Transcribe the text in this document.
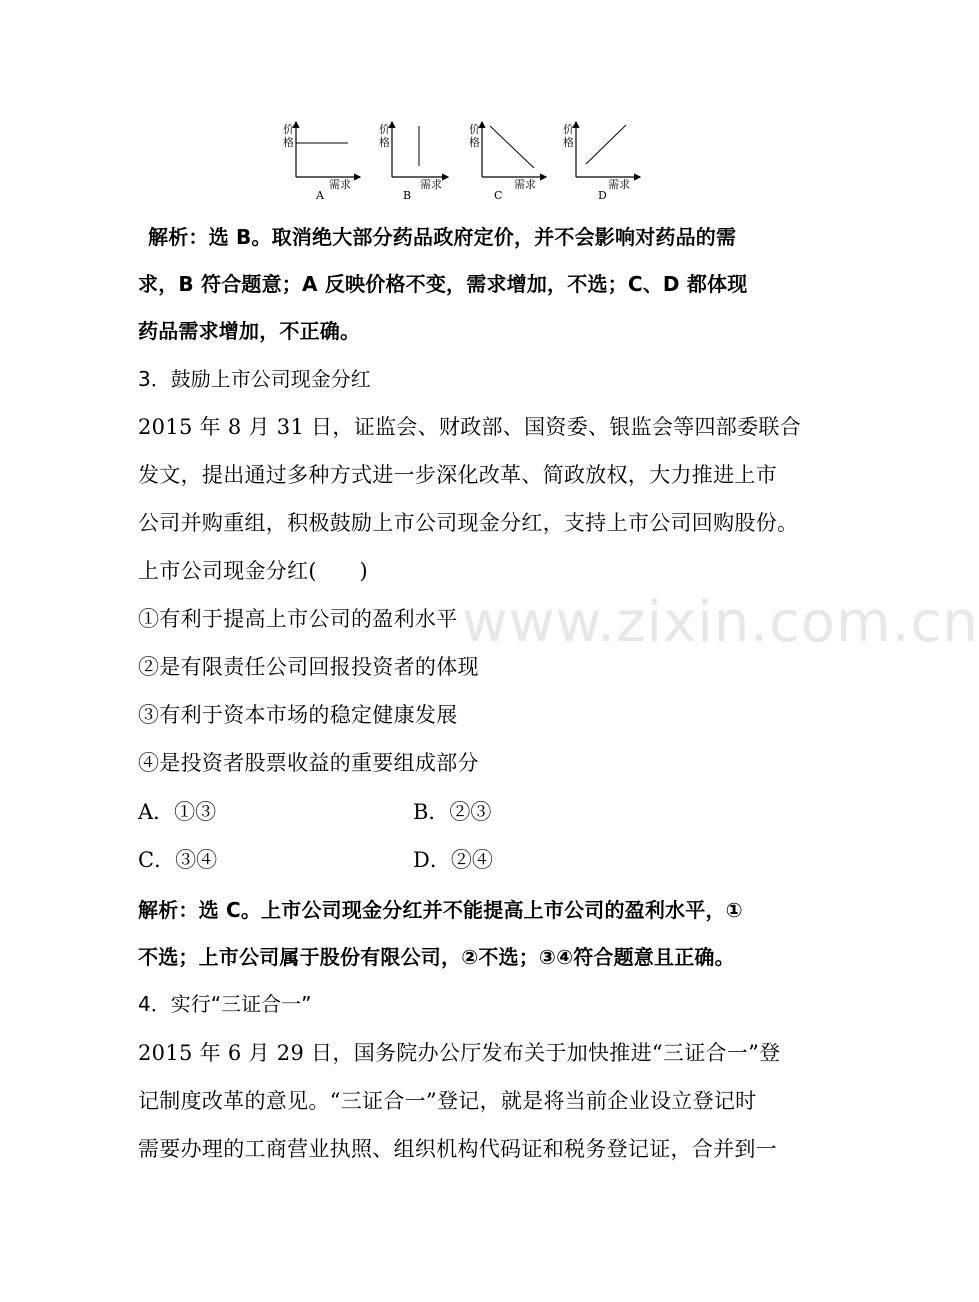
价
格
需求
A
价
格
需求
B
价
格
需求
C
价
格
需求
D
解析：选 B。取消绝大部分药品政府定价，并不会影响对药品的需
求，B 符合题意；A 反映价格不变，需求增加，不选；C、D 都体现
药品需求增加，不正确。
3．鼓励上市公司现金分红
2015 年 8 月 31 日，证监会、财政部、国资委、银监会等四部委联合
发文，提出通过多种方式进一步深化改革、简政放权，大力推进上市
公司并购重组，积极鼓励上市公司现金分红，支持上市公司回购股份。
上市公司现金分红(　　)
①有利于提高上市公司的盈利水平
②是有限责任公司回报投资者的体现
③有利于资本市场的稳定健康发展
④是投资者股票收益的重要组成部分
A．①③	B．②③
C．③④	D．②④
解析：选 C。上市公司现金分红并不能提高上市公司的盈利水平，①
不选；上市公司属于股份有限公司，②不选；③④符合题意且正确。
4．实行“三证合一”
2015 年 6 月 29 日，国务院办公厅发布关于加快推进“三证合一”登
记制度改革的意见。“三证合一”登记，就是将当前企业设立登记时
需要办理的工商营业执照、组织机构代码证和税务登记证，合并到一
www.zixin.com.cn
